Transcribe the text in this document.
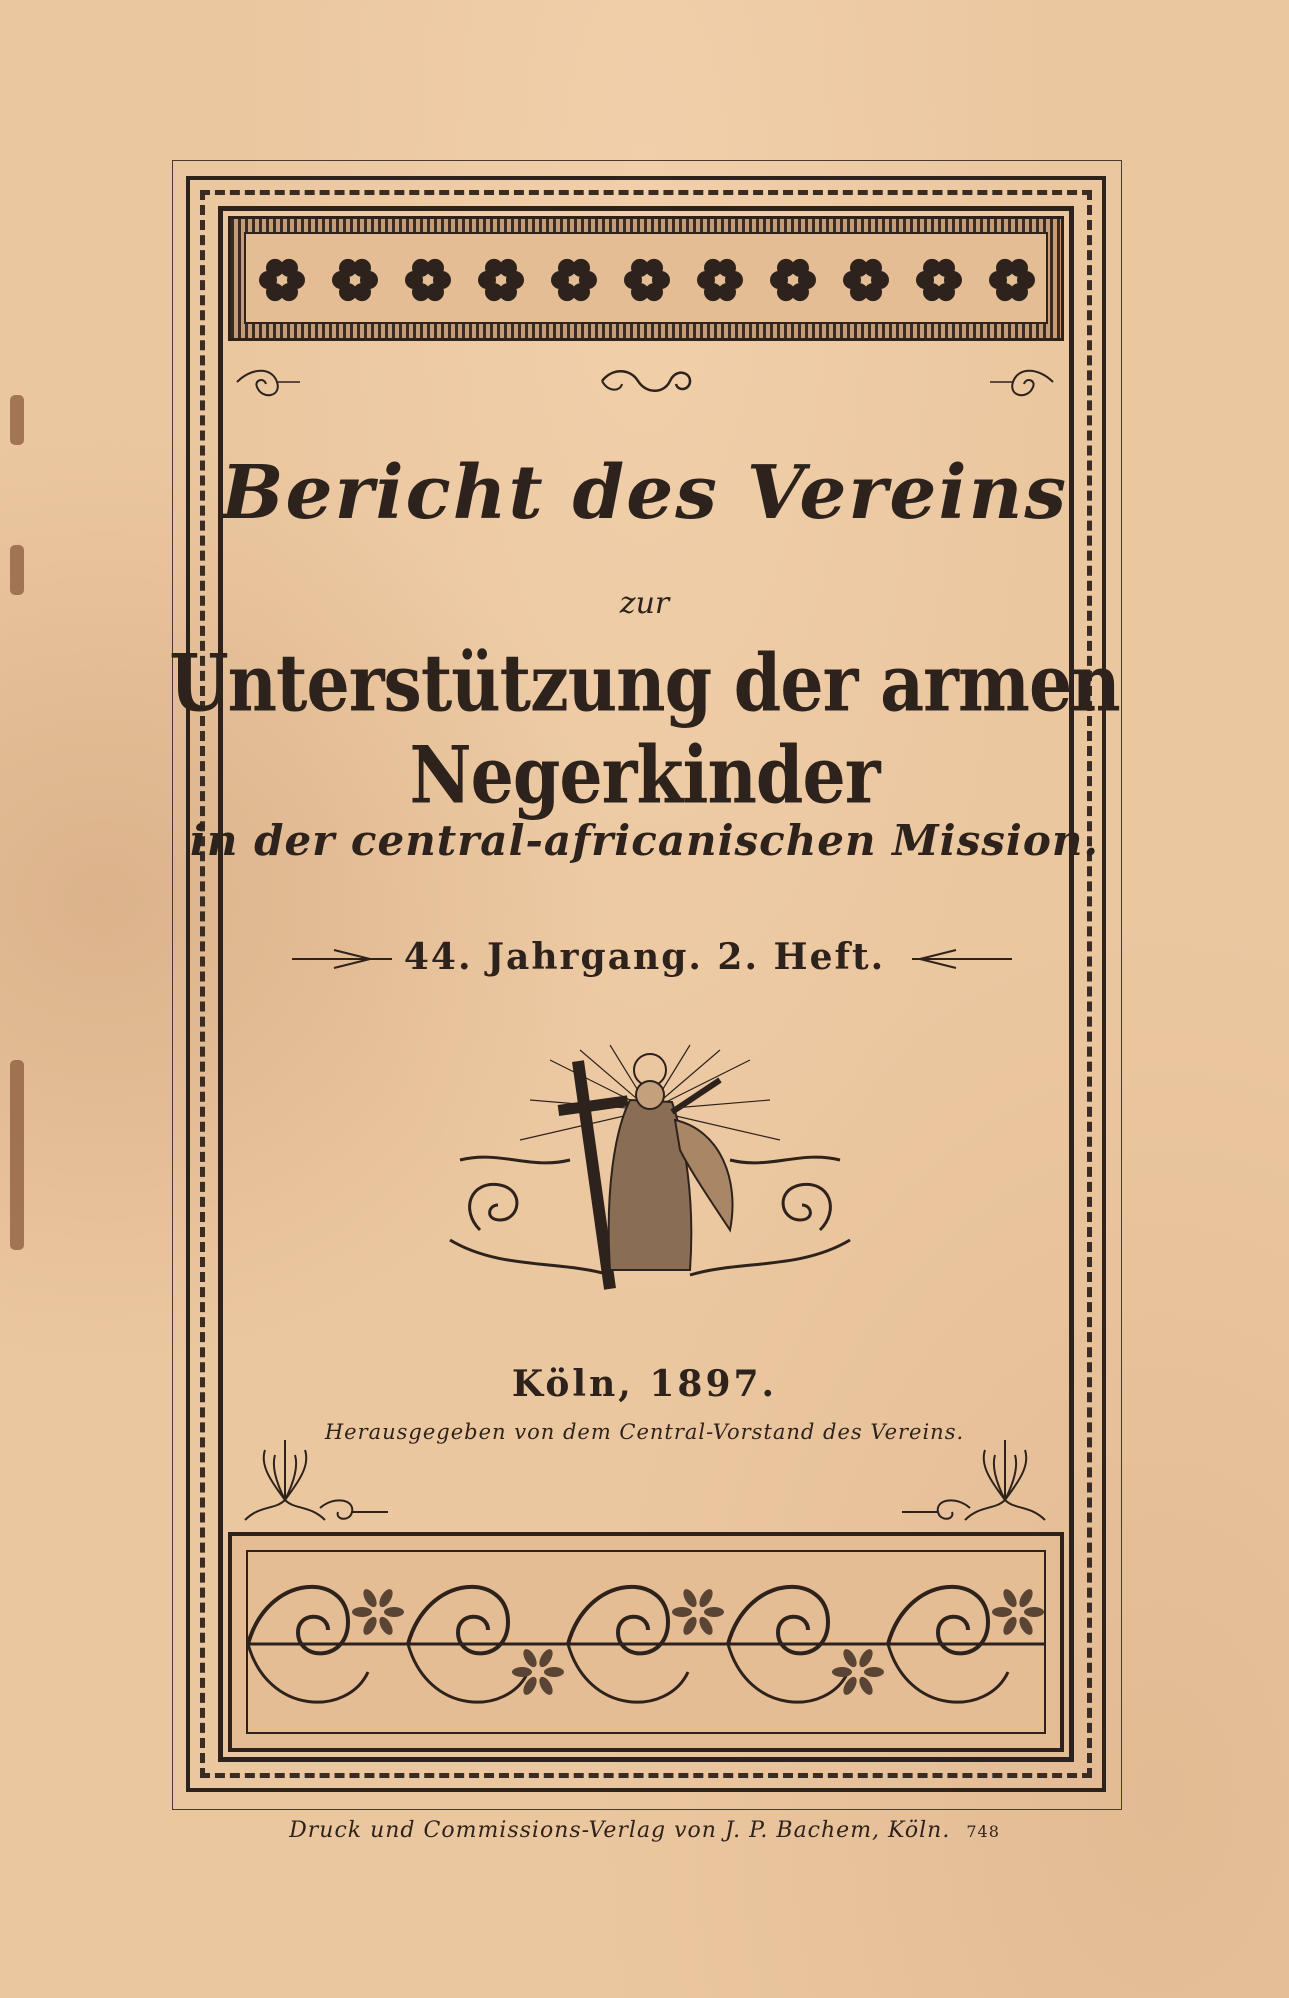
Bericht des Vereins
zur
Unterstützung der armen Negerkinder
in der central-africanischen Mission.
44. Jahrgang. 2. Heft.
Köln, 1897.
Herausgegeben von dem Central-Vorstand des Vereins.
Druck und Commissions-Verlag von J. P. Bachem, Köln. 748
